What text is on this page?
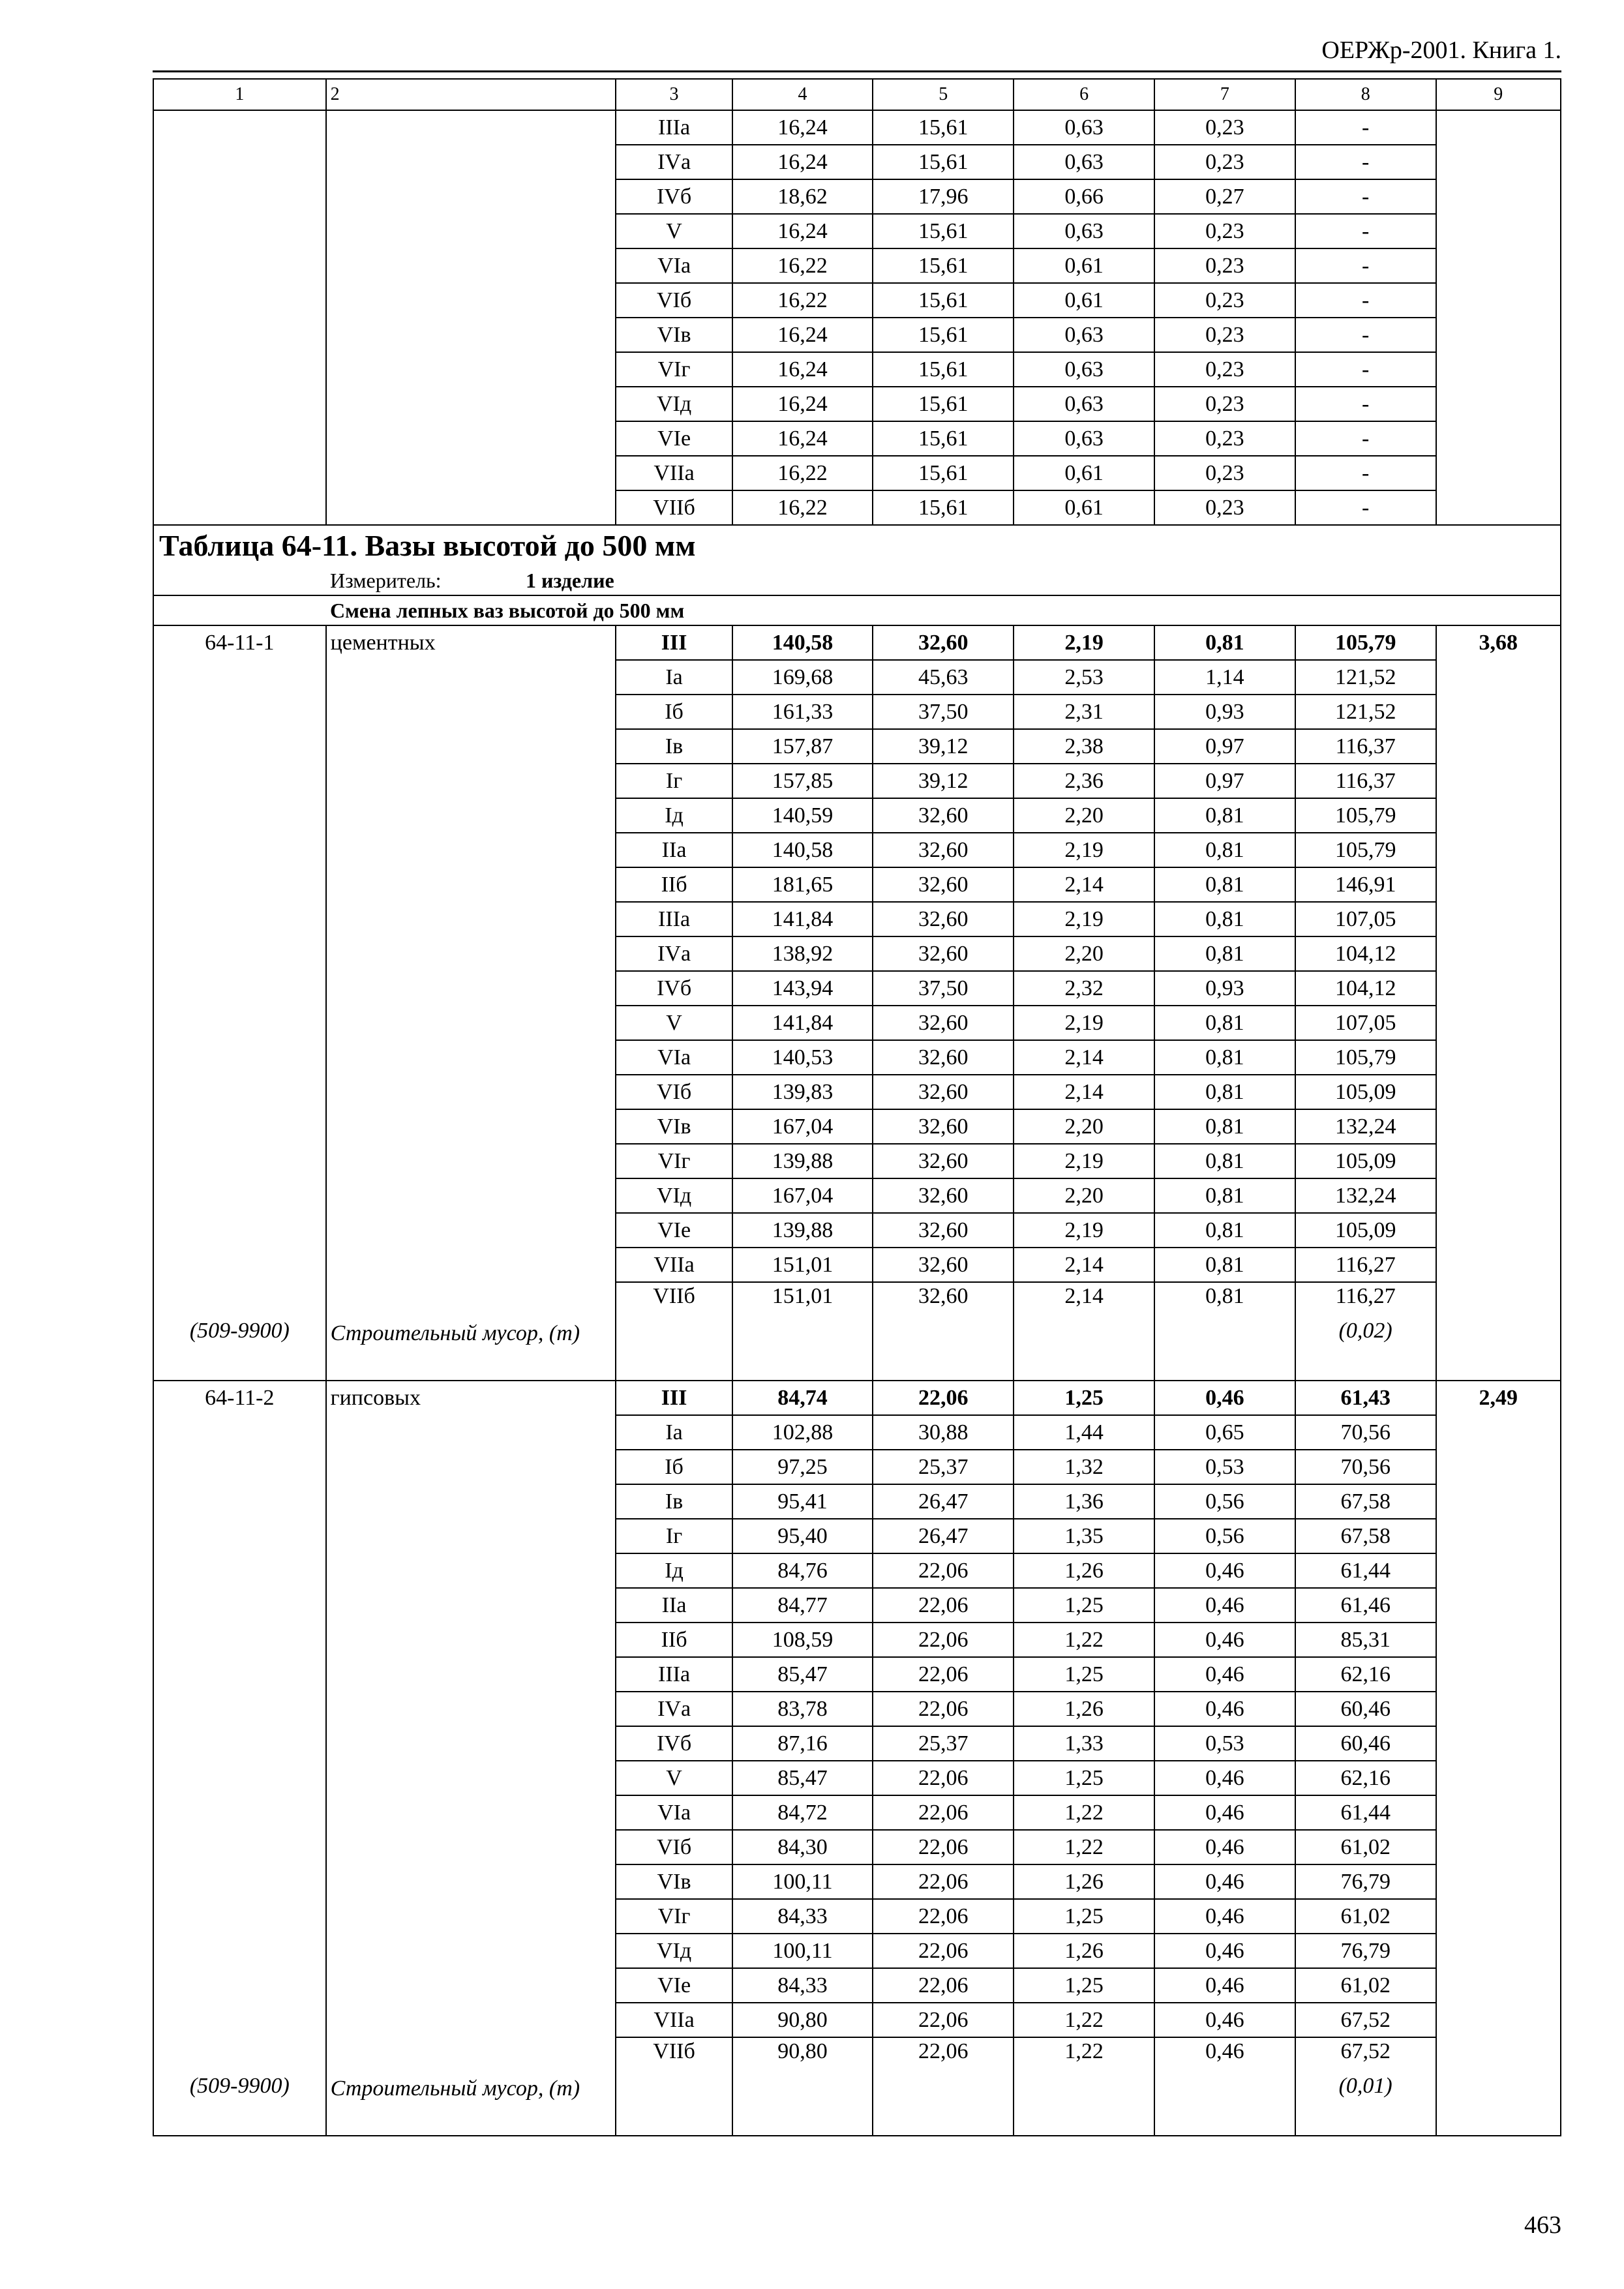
ОЕРЖр-2001. Книга 1.
1	2	3	4	5	6	7	8	9
		IIIа	16,24	15,61	0,63	0,23	-	
		IVа	16,24	15,61	0,63	0,23	-	
		IVб	18,62	17,96	0,66	0,27	-	
		V	16,24	15,61	0,63	0,23	-	
		VIа	16,22	15,61	0,61	0,23	-	
		VIб	16,22	15,61	0,61	0,23	-	
		VIв	16,24	15,61	0,63	0,23	-	
		VIг	16,24	15,61	0,63	0,23	-	
		VIд	16,24	15,61	0,63	0,23	-	
		VIе	16,24	15,61	0,63	0,23	-	
		VIIа	16,22	15,61	0,61	0,23	-	
		VIIб	16,22	15,61	0,61	0,23	-	
Таблица 64-11. Вазы высотой до 500 мм								
Измеритель: 1 изделие								
Смена лепных ваз высотой до 500 мм								
64-11-1	цементных	III	140,58	32,60	2,19	0,81	105,79	3,68
		Iа	169,68	45,63	2,53	1,14	121,52	
		Iб	161,33	37,50	2,31	0,93	121,52	
		Iв	157,87	39,12	2,38	0,97	116,37	
		Iг	157,85	39,12	2,36	0,97	116,37	
		Iд	140,59	32,60	2,20	0,81	105,79	
		IIа	140,58	32,60	2,19	0,81	105,79	
		IIб	181,65	32,60	2,14	0,81	146,91	
		IIIа	141,84	32,60	2,19	0,81	107,05	
		IVа	138,92	32,60	2,20	0,81	104,12	
		IVб	143,94	37,50	2,32	0,93	104,12	
		V	141,84	32,60	2,19	0,81	107,05	
		VIа	140,53	32,60	2,14	0,81	105,79	
		VIб	139,83	32,60	2,14	0,81	105,09	
		VIв	167,04	32,60	2,20	0,81	132,24	
		VIг	139,88	32,60	2,19	0,81	105,09	
		VIд	167,04	32,60	2,20	0,81	132,24	
		VIе	139,88	32,60	2,19	0,81	105,09	
		VIIа	151,01	32,60	2,14	0,81	116,27	
		VIIб	151,01	32,60	2,14	0,81	116,27	
(509-9900)	Строительный мусор, (т)						(0,02)	
64-11-2	гипсовых	III	84,74	22,06	1,25	0,46	61,43	2,49
		Iа	102,88	30,88	1,44	0,65	70,56	
		Iб	97,25	25,37	1,32	0,53	70,56	
		Iв	95,41	26,47	1,36	0,56	67,58	
		Iг	95,40	26,47	1,35	0,56	67,58	
		Iд	84,76	22,06	1,26	0,46	61,44	
		IIа	84,77	22,06	1,25	0,46	61,46	
		IIб	108,59	22,06	1,22	0,46	85,31	
		IIIа	85,47	22,06	1,25	0,46	62,16	
		IVа	83,78	22,06	1,26	0,46	60,46	
		IVб	87,16	25,37	1,33	0,53	60,46	
		V	85,47	22,06	1,25	0,46	62,16	
		VIа	84,72	22,06	1,22	0,46	61,44	
		VIб	84,30	22,06	1,22	0,46	61,02	
		VIв	100,11	22,06	1,26	0,46	76,79	
		VIг	84,33	22,06	1,25	0,46	61,02	
		VIд	100,11	22,06	1,26	0,46	76,79	
		VIе	84,33	22,06	1,25	0,46	61,02	
		VIIа	90,80	22,06	1,22	0,46	67,52	
		VIIб	90,80	22,06	1,22	0,46	67,52	
(509-9900)	Строительный мусор, (т)						(0,01)	
463
